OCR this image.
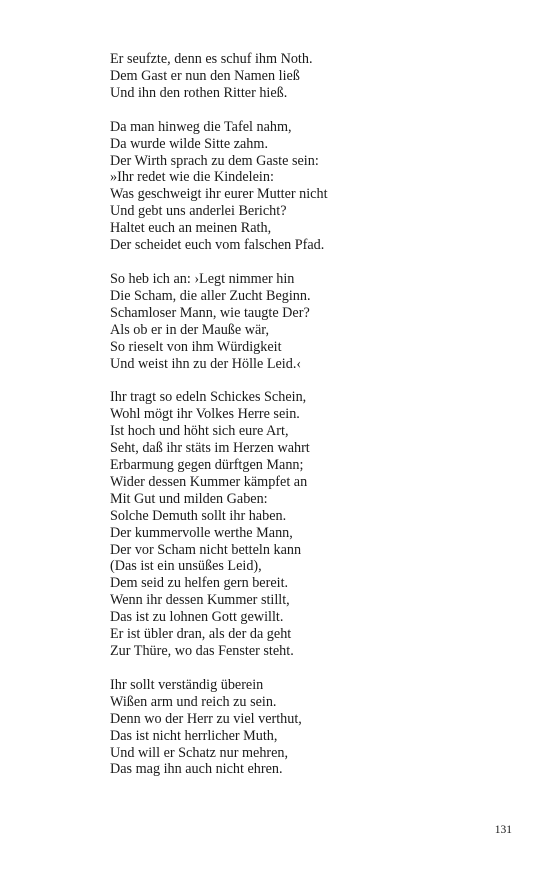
Er seufzte, denn es schuf ihm Noth.
Dem Gast er nun den Namen ließ
Und ihn den rothen Ritter hieß.
Da man hinweg die Tafel nahm,
Da wurde wilde Sitte zahm.
Der Wirth sprach zu dem Gaste sein:
»Ihr redet wie die Kindelein:
Was geschweigt ihr eurer Mutter nicht
Und gebt uns anderlei Bericht?
Haltet euch an meinen Rath,
Der scheidet euch vom falschen Pfad.
So heb ich an: ›Legt nimmer hin
Die Scham, die aller Zucht Beginn.
Schamloser Mann, wie taugte Der?
Als ob er in der Mauße wär,
So rieselt von ihm Würdigkeit
Und weist ihn zu der Hölle Leid.‹
Ihr tragt so edeln Schickes Schein,
Wohl mögt ihr Volkes Herre sein.
Ist hoch und höht sich eure Art,
Seht, daß ihr stäts im Herzen wahrt
Erbarmung gegen dürftgen Mann;
Wider dessen Kummer kämpfet an
Mit Gut und milden Gaben:
Solche Demuth sollt ihr haben.
Der kummervolle werthe Mann,
Der vor Scham nicht betteln kann
(Das ist ein unsüßes Leid),
Dem seid zu helfen gern bereit.
Wenn ihr dessen Kummer stillt,
Das ist zu lohnen Gott gewillt.
Er ist übler dran, als der da geht
Zur Thüre, wo das Fenster steht.
Ihr sollt verständig überein
Wißen arm und reich zu sein.
Denn wo der Herr zu viel verthut,
Das ist nicht herrlicher Muth,
Und will er Schatz nur mehren,
Das mag ihn auch nicht ehren.
131
